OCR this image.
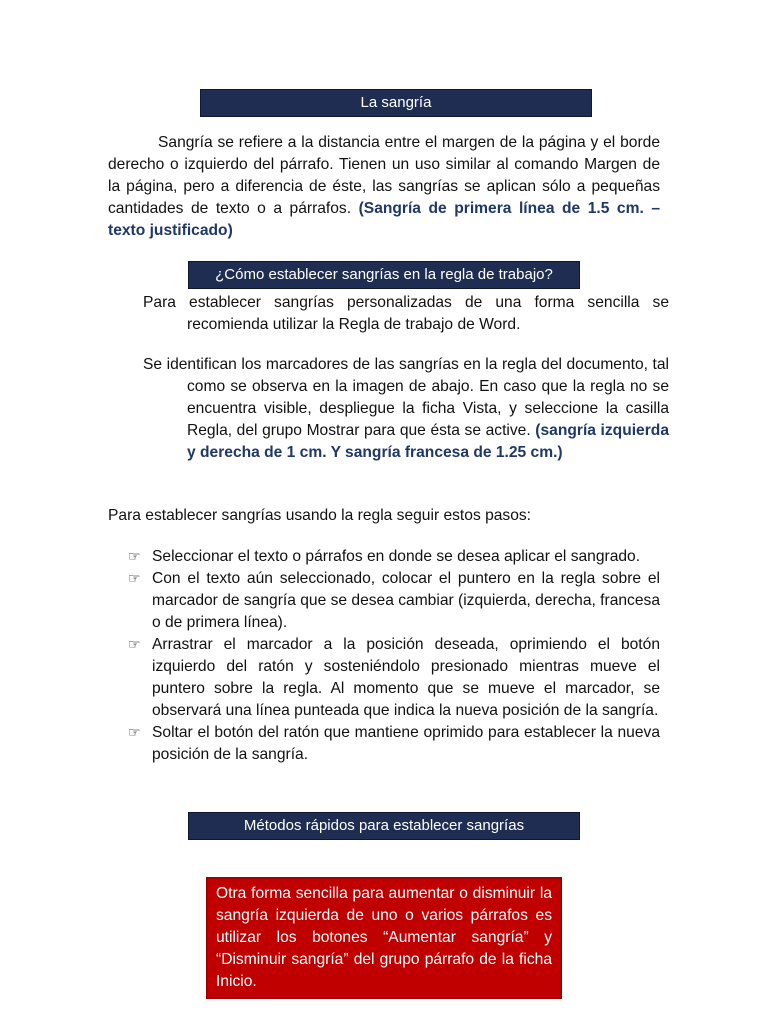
La sangría

Sangría se refiere a la distancia entre el margen de la página y el borde derecho o izquierdo del párrafo. Tienen un uso similar al comando Margen de la página, pero a diferencia de éste, las sangrías se aplican sólo a pequeñas cantidades de texto o a párrafos. (Sangría de primera línea de 1.5 cm. – texto justificado)

¿Cómo establecer sangrías en la regla de trabajo?

Para establecer sangrías personalizadas de una forma sencilla se recomienda utilizar la Regla de trabajo de Word.

Se identifican los marcadores de las sangrías en la regla del documento, tal como se observa en la imagen de abajo. En caso que la regla no se encuentra visible, despliegue la ficha Vista, y seleccione la casilla Regla, del grupo Mostrar para que ésta se active. (sangría izquierda y derecha de 1 cm. Y sangría francesa de 1.25 cm.)

Para establecer sangrías usando la regla seguir estos pasos:

☞ Seleccionar el texto o párrafos en donde se desea aplicar el sangrado.
☞ Con el texto aún seleccionado, colocar el puntero en la regla sobre el marcador de sangría que se desea cambiar (izquierda, derecha, francesa o de primera línea).
☞ Arrastrar el marcador a la posición deseada, oprimiendo el botón izquierdo del ratón y sosteniéndolo presionado mientras mueve el puntero sobre la regla. Al momento que se mueve el marcador, se observará una línea punteada que indica la nueva posición de la sangría.
☞ Soltar el botón del ratón que mantiene oprimido para establecer la nueva posición de la sangría.
Métodos rápidos para establecer sangrías
Otra forma sencilla para aumentar o disminuir la sangría izquierda de uno o varios párrafos es utilizar los botones “Aumentar sangría” y “Disminuir sangría” del grupo párrafo de la ficha Inicio.
